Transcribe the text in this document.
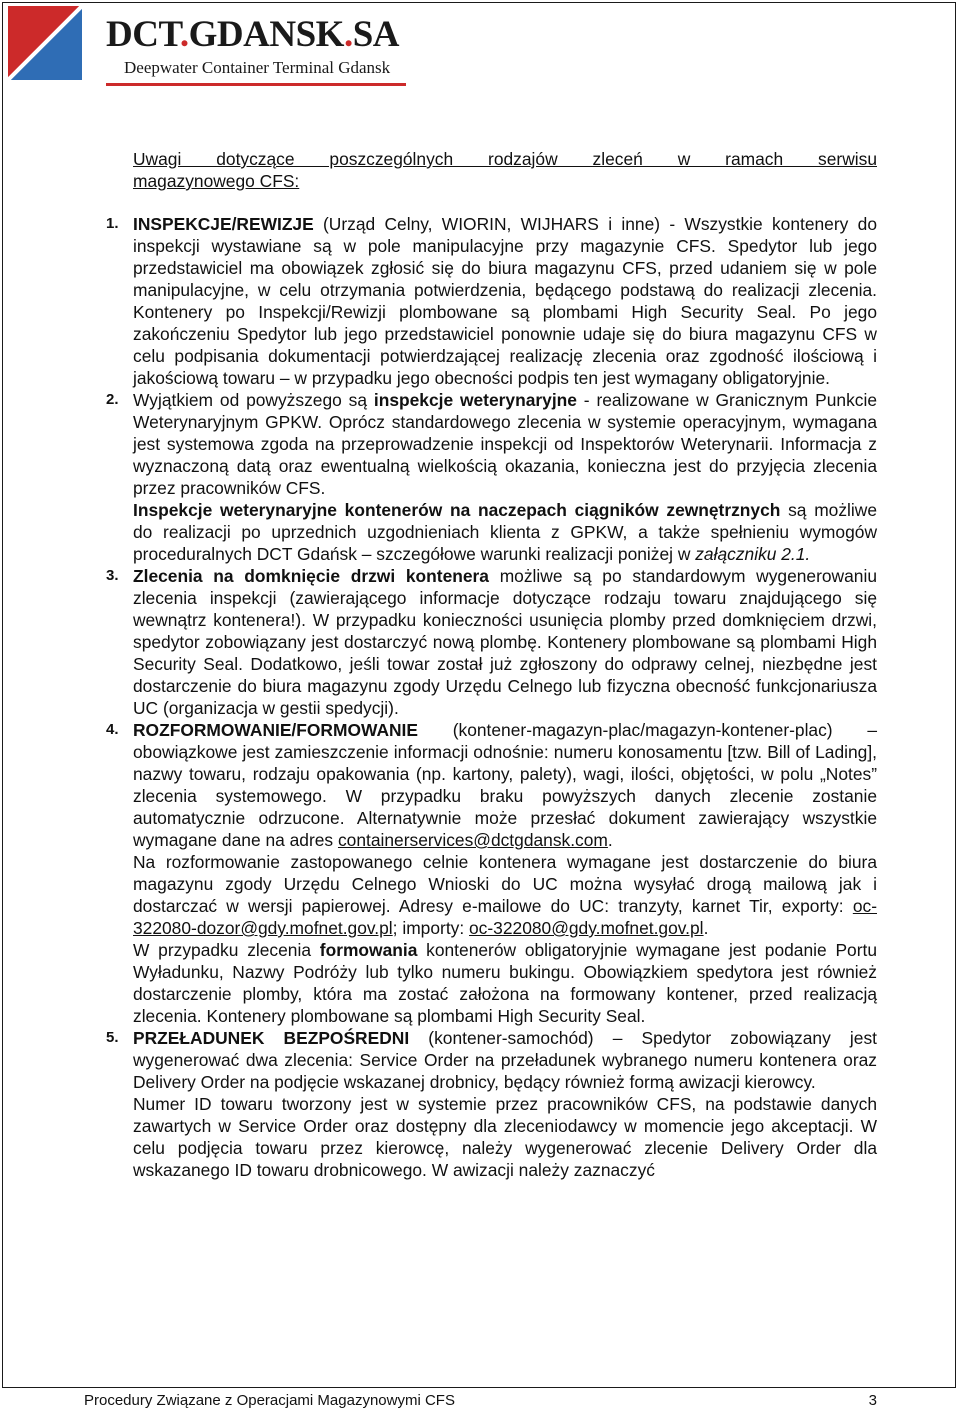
DCT.GDANSK.SA
Deepwater Container Terminal Gdansk
Uwagi dotyczące poszczególnych rodzajów zleceń w ramach serwisu
magazynowego CFS:
1. INSPEKCJE/REWIZJE (Urząd Celny, WIORIN, WIJHARS i inne) - Wszystkie kontenery do inspekcji wystawiane są w pole manipulacyjne przy magazynie CFS. Spedytor lub jego przedstawiciel ma obowiązek zgłosić się do biura magazynu CFS, przed udaniem się w pole manipulacyjne, w celu otrzymania potwierdzenia, będącego podstawą do realizacji zlecenia. Kontenery po Inspekcji/Rewizji plombowane są plombami High Security Seal. Po jego zakończeniu Spedytor lub jego przedstawiciel ponownie udaje się do biura magazynu CFS w celu podpisania dokumentacji potwierdzającej realizację zlecenia oraz zgodność ilościową i jakościową towaru – w przypadku jego obecności podpis ten jest wymagany obligatoryjnie.

2. Wyjątkiem od powyższego są inspekcje weterynaryjne - realizowane w Granicznym Punkcie Weterynaryjnym GPKW. Oprócz standardowego zlecenia w systemie operacyjnym, wymagana jest systemowa zgoda na przeprowadzenie inspekcji od Inspektorów Weterynarii. Informacja z wyznaczoną datą oraz ewentualną wielkością okazania, konieczna jest do przyjęcia zlecenia przez pracowników CFS.

Inspekcje weterynaryjne kontenerów na naczepach ciągników zewnętrznych są możliwe do realizacji po uprzednich uzgodnieniach klienta z GPKW, a także spełnieniu wymogów proceduralnych DCT Gdańsk – szczegółowe warunki realizacji poniżej w załączniku 2.1.

3. Zlecenia na domknięcie drzwi kontenera możliwe są po standardowym wygenerowaniu zlecenia inspekcji (zawierającego informacje dotyczące rodzaju towaru znajdującego się wewnątrz kontenera!). W przypadku konieczności usunięcia plomby przed domknięciem drzwi, spedytor zobowiązany jest dostarczyć nową plombę. Kontenery plombowane są plombami High Security Seal. Dodatkowo, jeśli towar został już zgłoszony do odprawy celnej, niezbędne jest dostarczenie do biura magazynu zgody Urzędu Celnego lub fizyczna obecność funkcjonariusza UC (organizacja w gestii spedycji).

4. ROZFORMOWANIE/FORMOWANIE (kontener-magazyn-plac/magazyn-kontener-plac) – obowiązkowe jest zamieszczenie informacji odnośnie: numeru konosamentu [tzw. Bill of Lading], nazwy towaru, rodzaju opakowania (np. kartony, palety), wagi, ilości, objętości, w polu „Notes” zlecenia systemowego. W przypadku braku powyższych danych zlecenie zostanie automatycznie odrzucone. Alternatywnie może przesłać dokument zawierający wszystkie wymagane dane na adres containerservices@dctgdansk.com.

Na rozformowanie zastopowanego celnie kontenera wymagane jest dostarczenie do biura magazynu zgody Urzędu Celnego Wnioski do UC można wysyłać drogą mailową jak i dostarczać w wersji papierowej. Adresy e-mailowe do UC: tranzyty, karnet Tir, exporty: oc-322080-dozor@gdy.mofnet.gov.pl; importy: oc-322080@gdy.mofnet.gov.pl.

W przypadku zlecenia formowania kontenerów obligatoryjnie wymagane jest podanie Portu Wyładunku, Nazwy Podróży lub tylko numeru bukingu. Obowiązkiem spedytora jest również dostarczenie plomby, która ma zostać założona na formowany kontener, przed realizacją zlecenia. Kontenery plombowane są plombami High Security Seal.

5. PRZEŁADUNEK BEZPOŚREDNI (kontener-samochód) – Spedytor zobowiązany jest wygenerować dwa zlecenia: Service Order na przeładunek wybranego numeru kontenera oraz Delivery Order na podjęcie wskazanej drobnicy, będący również formą awizacji kierowcy.

Numer ID towaru tworzony jest w systemie przez pracowników CFS, na podstawie danych zawartych w Service Order oraz dostępny dla zleceniodawcy w momencie jego akceptacji. W celu podjęcia towaru przez kierowcę, należy wygenerować zlecenie Delivery Order dla wskazanego ID towaru drobnicowego. W awizacji należy zaznaczyć

Procedury Związane z Operacjami Magazynowymi CFS	3
